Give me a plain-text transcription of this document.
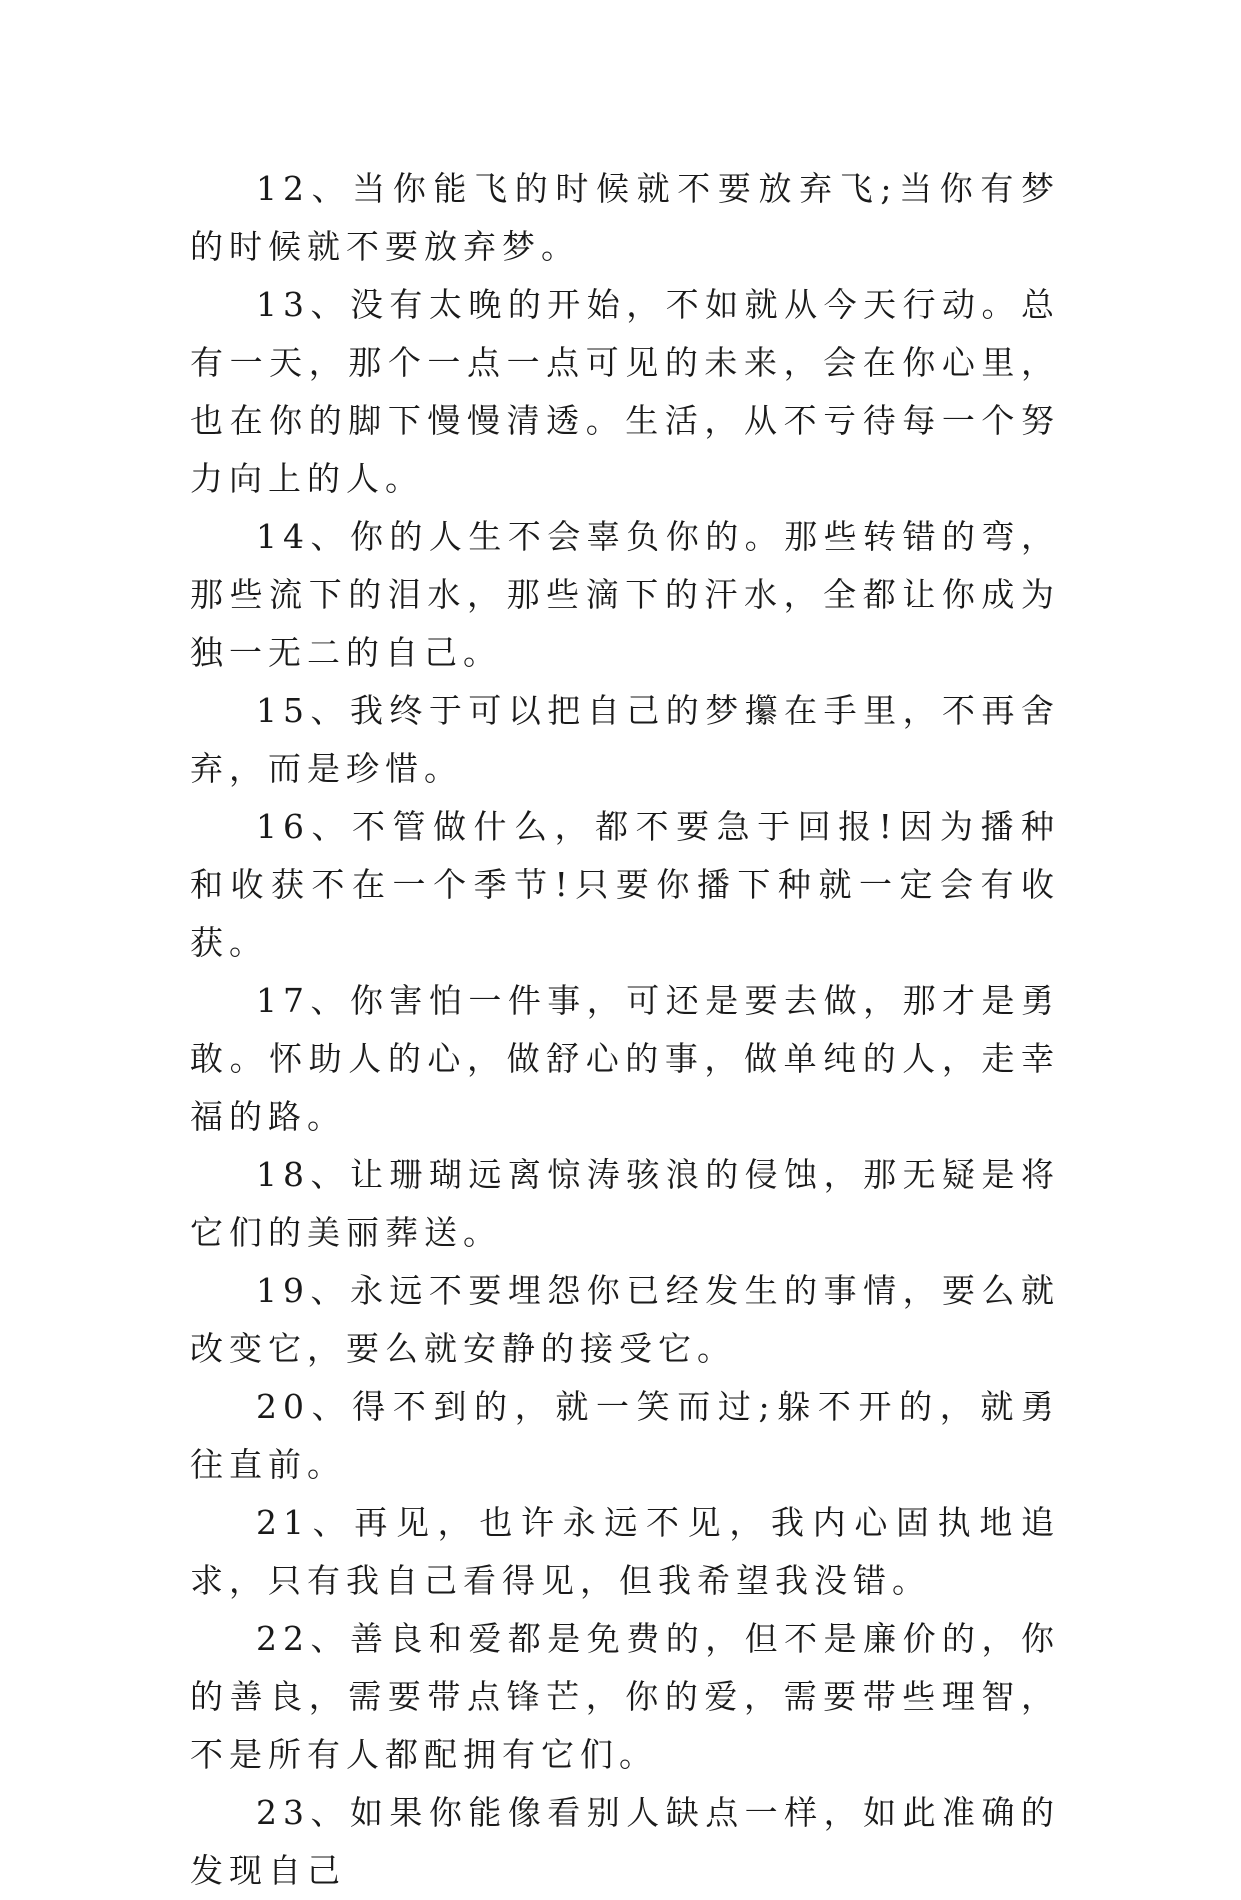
12、当你能飞的时候就不要放弃飞;当你有梦的时候就不要放弃梦。

13、没有太晚的开始，不如就从今天行动。总有一天，那个一点一点可见的未来，会在你心里，也在你的脚下慢慢清透。生活，从不亏待每一个努力向上的人。

14、你的人生不会辜负你的。那些转错的弯，那些流下的泪水，那些滴下的汗水，全都让你成为独一无二的自己。

15、我终于可以把自己的梦攥在手里，不再舍弃，而是珍惜。

16、不管做什么，都不要急于回报!因为播种和收获不在一个季节!只要你播下种就一定会有收获。

17、你害怕一件事，可还是要去做，那才是勇敢。怀助人的心，做舒心的事，做单纯的人，走幸福的路。

18、让珊瑚远离惊涛骇浪的侵蚀，那无疑是将它们的美丽葬送。

19、永远不要埋怨你已经发生的事情，要么就改变它，要么就安静的接受它。

20、得不到的，就一笑而过;躲不开的，就勇往直前。

21、再见，也许永远不见，我内心固执地追求，只有我自己看得见，但我希望我没错。

22、善良和爱都是免费的，但不是廉价的，你的善良，需要带点锋芒，你的爱，需要带些理智，不是所有人都配拥有它们。

23、如果你能像看别人缺点一样，如此准确的发现自己
